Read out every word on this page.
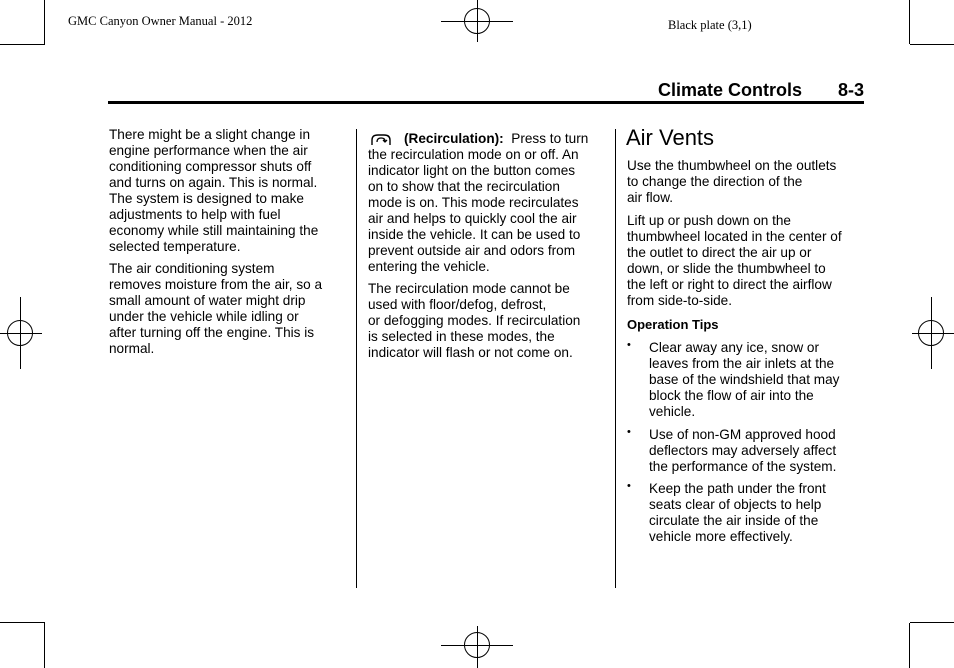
GMC Canyon Owner Manual - 2012	Black plate (3,1)
Climate Controls 8-3
There might be a slight change in
engine performance when the air
conditioning compressor shuts off
and turns on again. This is normal.
The system is designed to make
adjustments to help with fuel
economy while still maintaining the
selected temperature.
The air conditioning system
removes moisture from the air, so a
small amount of water might drip
under the vehicle while idling or
after turning off the engine. This is
normal.
(Recirculation): Press to turn
the recirculation mode on or off. An
indicator light on the button comes
on to show that the recirculation
mode is on. This mode recirculates
air and helps to quickly cool the air
inside the vehicle. It can be used to
prevent outside air and odors from
entering the vehicle.
The recirculation mode cannot be
used with floor/defog, defrost,
or defogging modes. If recirculation
is selected in these modes, the
indicator will flash or not come on.
Air Vents
Use the thumbwheel on the outlets
to change the direction of the
air flow.
Lift up or push down on the
thumbwheel located in the center of
the outlet to direct the air up or
down, or slide the thumbwheel to
the left or right to direct the airflow
from side-to-side.
Operation Tips
• Clear away any ice, snow or
leaves from the air inlets at the
base of the windshield that may
block the flow of air into the
vehicle.
• Use of non-GM approved hood
deflectors may adversely affect
the performance of the system.
• Keep the path under the front
seats clear of objects to help
circulate the air inside of the
vehicle more effectively.
